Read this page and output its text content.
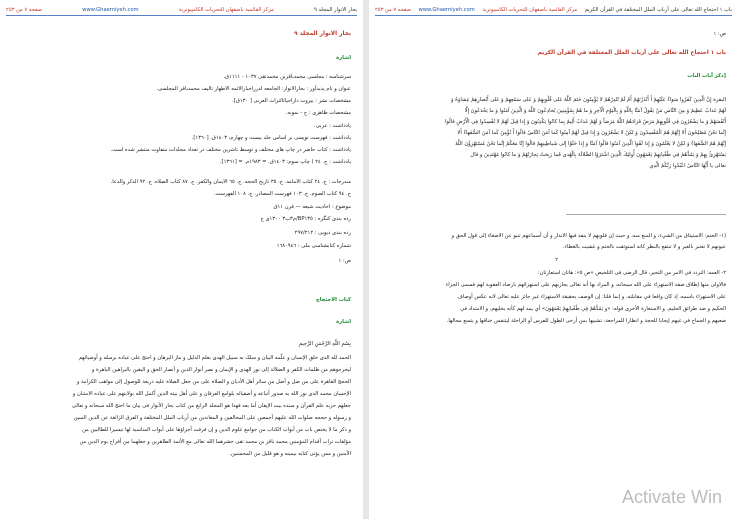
باب ١ احتجاج الله تعالى على أرباب الملل المختلفة في القرآن الكريم
مركز القائمية باصفهان للتحريات الكامپيوترية
www.Ghaemiyeh.com
صفحه ٧ من ٢٥٣
ص: ١
باب ١ احتجاج الله تعالى على أرباب الملل المختلفة في القرآن الكريم
[ذكر آيات الباب
البقرة إِنَّ الَّذِينَ كَفَرُوا سَواءٌ عَلَيْهِمْ أَ أَنْذَرْتَهُمْ أَمْ لَمْ تُنْذِرْهُمْ لا يُؤْمِنُونَ خَتَمَ اللَّهُ عَلى قُلُوبِهِمْ وَ عَلى سَمْعِهِمْ وَ عَلى أَبْصارِهِمْ غِشاوَةٌ وَ
لَهُمْ عَذابٌ عَظِيمٌ وَ مِنَ النَّاسِ مَنْ يَقُولُ آمَنَّا بِاللَّهِ وَ بِالْيَوْمِ الْآخِرِ وَ ما هُمْ بِمُؤْمِنِينَ يُخادِعُونَ اللَّهَ وَ الَّذِينَ آمَنُوا وَ ما يَخْدَعُونَ إِلَّا
أَنْفُسَهُمْ وَ ما يَشْعُرُونَ فِي قُلُوبِهِمْ مَرَضٌ فَزادَهُمُ اللَّهُ مَرَضاً وَ لَهُمْ عَذابٌ أَلِيمٌ بِما كانُوا يَكْذِبُونَ وَ إِذا قِيلَ لَهُمْ لا تُفْسِدُوا فِي الْأَرْضِ قالُوا
إِنَّما نَحْنُ مُصْلِحُونَ أَلا إِنَّهُمْ هُمُ الْمُفْسِدُونَ وَ لكِنْ لا يَشْعُرُونَ وَ إِذا قِيلَ لَهُمْ آمِنُوا كَما آمَنَ النَّاسُ قالُوا أَ نُؤْمِنُ كَما آمَنَ السُّفَهاءُ أَلا
إِنَّهُمْ هُمُ السُّفَهاءُ وَ لكِنْ لا يَعْلَمُونَ وَ إِذا لَقُوا الَّذِينَ آمَنُوا قالُوا آمَنَّا وَ إِذا خَلَوْا إِلى شَياطِينِهِمْ قالُوا إِنَّا مَعَكُمْ إِنَّما نَحْنُ مُسْتَهْزِؤُنَ اللَّهُ
يَسْتَهْزِئُ بِهِمْ وَ يَمُدُّهُمْ فِي طُغْيانِهِمْ يَعْمَهُونَ أُولئِكَ الَّذِينَ اشْتَرَوُا الضَّلالَةَ بِالْهُدى فَما رَبِحَتْ تِجارَتُهُمْ وَ ما كانُوا مُهْتَدِينَ و قال
تعالى يا أَيُّهَا النَّاسُ اعْبُدُوا رَبَّكُمُ الَّذِي
(١- الختم: الاستيثاق من الشيء، و المنع منه، و حيث إن قلوبهم لا ينفذ فيها الانذار و أن أسماعهم تنبو عن الاصغاء إلى قول الحق و
عيونهم لا تعتبر بالعبر و لا تنتفع بالنظر كانه استوثقت بالختم و غشيت بالغطاء.
٢
٢- العمه: التردد في الامر من التحير، قال الرضی فی التلخيص «ص ٥»: هاتان استعارتان:
فالاولی منها إطلاق صفة الاستهزاء على الله سبحانه، و المراد بها أنه تعالى يجازيهم على استهزائهم بارصاد العقوبة لهم فسمى الجزاء
على الاستهزاء باسمه، إذ كان واقعا في مقابلته، و إنما قلنا: إن الوصف بحقيقة الاستهزاء غير جائز عليه تعالى لانه عكس أوصاف
الحكيم و ضد طرائق الحليم. و الاستعارة الأخرى قوله: «و يَمُدُّهُمْ فِي طُغْيانِهِمْ يَعْمَهُونَ» أي يمد لهم كأنه يخليهم، و الامتداد في
ضعيهم و الجماح في غيهم إيجابا للحجة و انظارا للمراجعة، تشبيها بمن أرخى الطول للفرس أو الراحلة ليتنفس خناقها و يتسع مجالها.
بحار الانوار المجلد ٩
مركز القائمية باصفهان للتحريات الكامپيوترية
www.Ghaemiyeh.com
صفحه ٧ من ٢٥٣
بحار الانوار المجلد ٩
اشارة
سرشناسه : مجلسی محمدباقربن محمدتقی ١٠٣٧ - ١١١١ق.
عنوان و نام پديدآور : بحارالانوار: الجامعه لدرراخبارالائمه الاطهار تاليف محمدباقر المجلسی.
مشخصات نشر : بيروت داراحيائالتراث العربی [ ١٣٠ق].
مشخصات ظاهری : ج - نمونه.
يادداشت : عربی.
يادداشت : فهرست نويسی بر اساس جلد بيست و چهارم، ١٤٠٣ق. [١٣٦٠].
يادداشت : کتاب حاضر در چاپ های مختلف و توسط ناشرين مختلف در تعداد مجلدات متفاوت منتشر شده است.
يادداشت : ج. ٢٤ ( چاپ سوم: ١٤٠٣ق. = ١٩٨٣م. = [١٣٦١].
مندرجات : ج. ٢٤ کتاب الامامه. ج. ٣٥ تاريخ الحجه. ج. ٦٥ الايمان والکفر. ج. ٨٧ کتاب الصلاه. ج. ٩٢ الذکر والدعا.
ج. ٩٤ کتاب الصوم. ج. ١٠٣ فهرست المصادر. ج. ١٠٨ الفهرست.
موضوع : احاديث شيعه — قرن ١١ق
رده بندی کنگره : BP١٣٥/م٣ب٣ ١٣٠٠ی ج
رده بندی ديويی : ٢٩٧/٢١٢
شماره کتابشناسی ملی : ١٦٨٠٩٤٦
ص: ١
كتاب الاحتجاج
اشارة
بِسْمِ اللَّهِ الرَّحْمَنِ الرَّحِيمِ
الحمد لله الذی خلق الإنسان و علّمه البيان و سلک به سبيل الهدی بعلم الدليل و ماز البرهان و احتج علی عباده برسله و أوصيائهم
ليخرجوهم من ظلمات الکفر و الضلالة إلی نور الهدی و الإيمان و نصر أنوار الدين و أنصار الحق و اليقين بالبراهين الباهرة و
الحجج القاهرة علی من ضل و أضل من سائر أهل الأديان و الصلاة علی من جعل الصلاة عليه ذريعة للوصول إلی مواهب الکرامة و
الإحسان محمد الذی نور الله به صدور أتباعه و أصفيائه بلوامع العرفان و علی أهل بيته الذين أکمل الله بولايتهم علی عباده الامتنان و
جعلهم حزبه علم القرآن و سنده بيت الإيقان أما بعد فهذا هو المجلد الرابع من کتاب بحار الأنوار فی بيان ما احتج الله سبحانه و تعالی
و رسوله و حججه صلوات الله عليهم أجمعين علی المخالفين و المعاندين من أرباب الملل المختلفة و الفرق الزائغة عن الدين المبين
و ذکر ما لا يختص باب من أبواب الکتاب من جوامع علوم الدين و إن فرقت أجزاؤها علی أبواب المناسبة لها تيسيرا للطالبين من
مؤلفات تراب أقدام المؤمنين محمد باقر بن محمد تقی حشرهما الله تعالی مع الأئمة الطاهرين و جعلهما من أفراح يوم الدين من
الآمنين و ممن يؤتی کتابه بيمينه و هو قليل من المحسنين.
Activate Win
